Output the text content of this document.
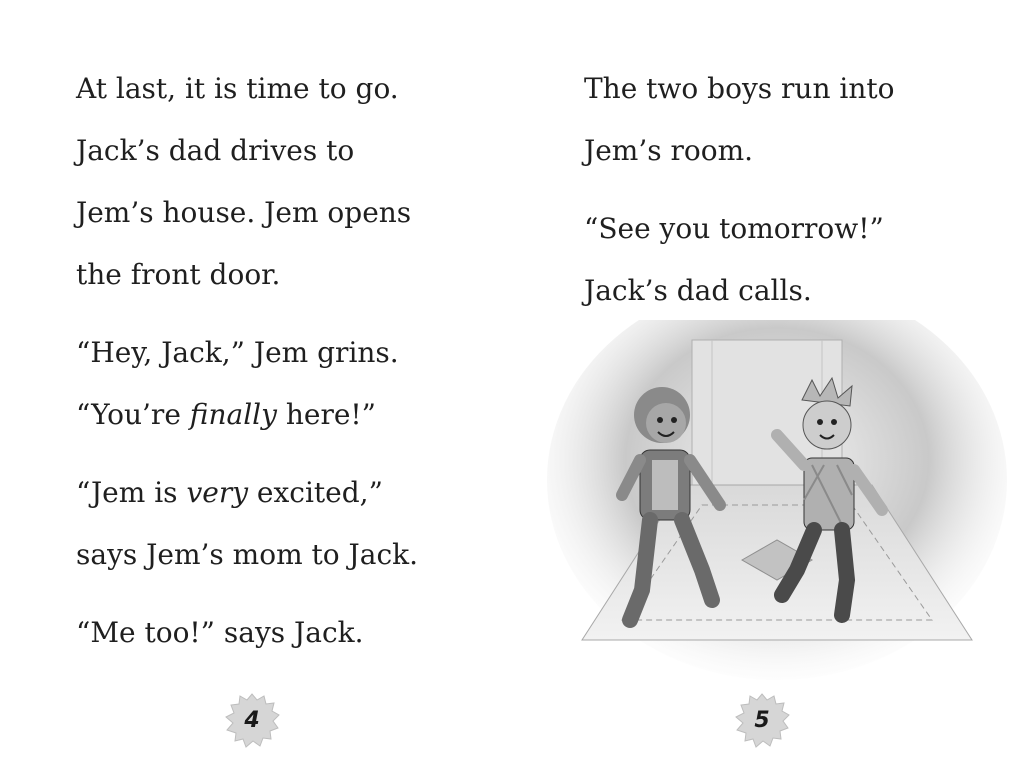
At last, it is time to go.
Jack’s dad drives to
Jem’s house. Jem opens
the front door.
“Hey, Jack,” Jem grins.
“You’re finally here!”
“Jem is very excited,”
says Jem’s mom to Jack.
“Me too!” says Jack.
4
The two boys run into
Jem’s room.
“See you tomorrow!”
Jack’s dad calls.
5
